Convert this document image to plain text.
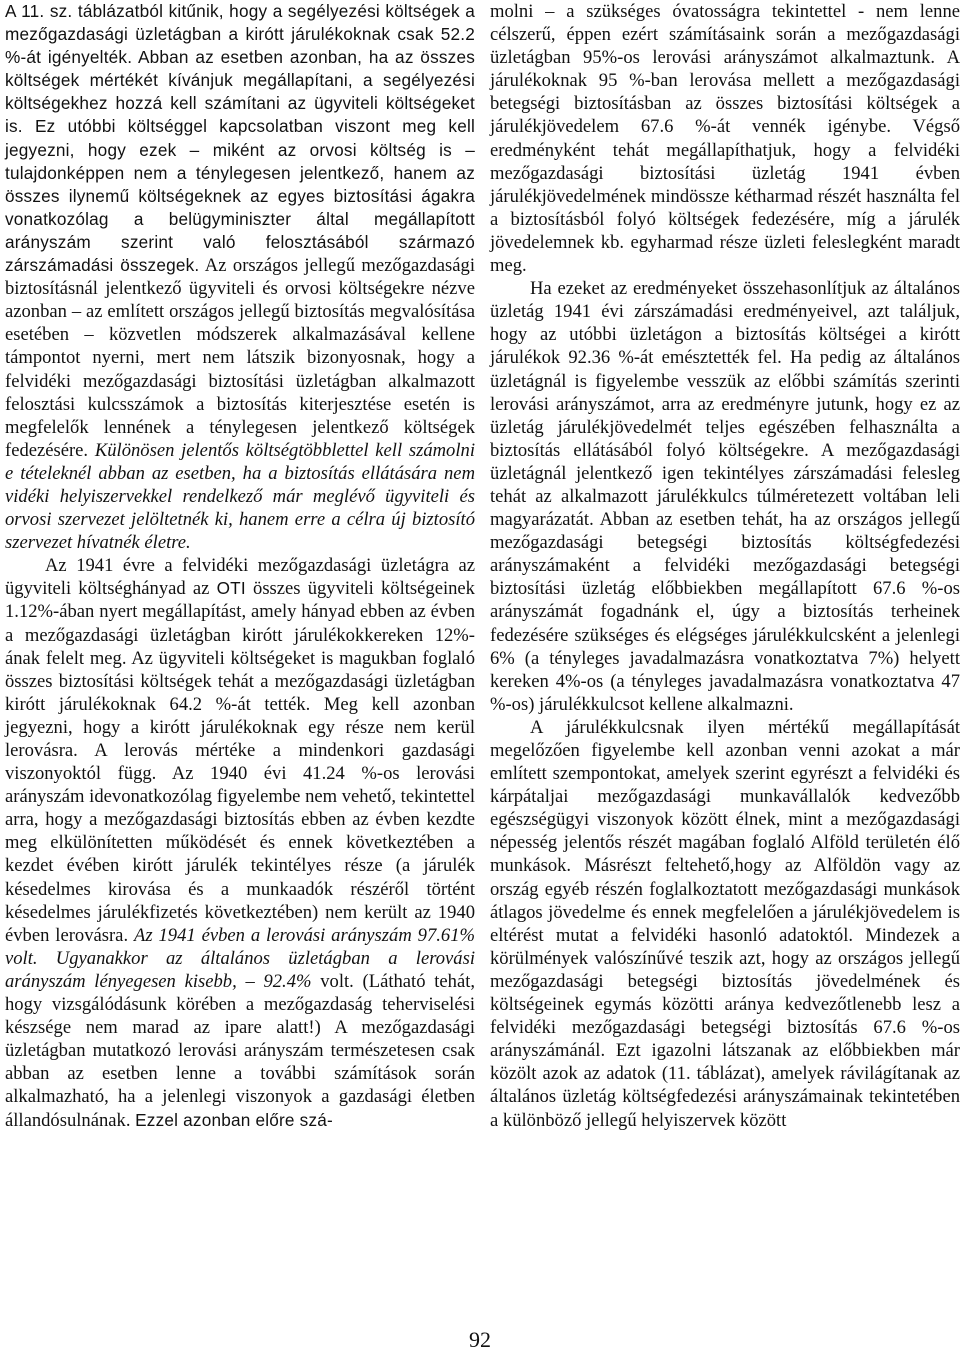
A 11. sz. táblázatból kitűnik, hogy a segélyezési költségek a mezőgazdasági üzletágban a kirótt járulékoknak csak 52.2 %-át igényelték. Abban az esetben azonban, ha az összes költségek mértékét kívánjuk megállapítani, a segélyezési költségekhez hozzá kell számítani az ügyviteli költségeket is. Ez utóbbi költséggel kapcsolatban viszont meg kell jegyezni, hogy ezek – miként az orvosi költség is – tulajdonképpen nem a ténylegesen jelentkező, hanem az összes ilynemű költségeknek az egyes biztosítási ágakra vonatkozólag a belügyminiszter által megállapított arányszám szerint való felosztásából származó zárszámadási összegek. Az országos jellegű mezőgazdasági biztosításnál jelentkező ügyviteli és orvosi költségekre nézve azonban – az említett országos jellegű biztosítás megvalósítása esetében – közvetlen módszerek alkalmazásával kellene támpontot nyerni, mert nem látszik bizonyosnak, hogy a felvidéki mezőgazdasági biztosítási üzletágban alkalmazott felosztási kulcsszámok a biztosítás kiterjesztése esetén is megfelelők lennének a ténylegesen jelentkező költségek fedezésére. Különösen jelentős költségtöbblettel kell számolni e tételeknél abban az esetben, ha a biztosítás ellátására nem vidéki helyiszervekkel rendelkező már meglévő ügyviteli és orvosi szervezet jelöltetnék ki, hanem erre a célra új biztosító szervezet hívatnék életre.

Az 1941 évre a felvidéki mezőgazdasági üzletágra az ügyviteli költséghányad az OTI összes ügyviteli költségeinek 1.12%-ában nyert megállapítást, amely hányad ebben az évben a mezőgazdasági üzletágban kirótt járulékokkereken 12%-ának felelt meg. Az ügyviteli költségeket is magukban foglaló összes biztosítási költségek tehát a mezőgazdasági üzletágban kirótt járulékoknak 64.2 %-át tették. Meg kell azonban jegyezni, hogy a kirótt járulékoknak egy része nem kerül lerovásra. A lerovás mértéke a mindenkori gazdasági viszonyoktól függ. Az 1940 évi 41.24 %-os lerovási arányszám idevonatkozólag figyelembe nem vehető, tekintettel arra, hogy a mezőgazdasági biztosítás ebben az évben kezdte meg elkülönítetten működését és ennek következtében a kezdet évében kirótt járulék tekintélyes része (a járulék késedelmes kirovása és a munkaadók részéről történt késedelmes járulékfizetés következtében) nem került az 1940 évben lerovásra. Az 1941 évben a lerovási arányszám 97.61% volt. Ugyanakkor az általános üzletágban a lerovási arányszám lényegesen kisebb, – 92.4% volt. (Látható tehát, hogy vizsgálódásunk körében a mezőgazdaság teherviselési készsége nem marad az ipare alatt!) A mezőgazdasági üzletágban mutatkozó lerovási arányszám természetesen csak abban az esetben lenne a további számítások során alkalmazható, ha a jelenlegi viszonyok a gazdasági életben állandósulnának. Ezzel azonban előre szá-

molni – a szükséges óvatosságra tekintettel - nem lenne célszerű, éppen ezért számításaink során a mezőgazdasági üzletágban 95%-os lerovási arányszámot alkalmaztunk. A járulékoknak 95 %-ban lerovása mellett a mezőgazdasági betegségi biztosításban az összes biztosítási költségek a járulékjövedelem 67.6 %-át vennék igénybe. Végső eredményként tehát megállapíthatjuk, hogy a felvidéki mezőgazdasági biztosítási üzletág 1941 évben járulékjövedelmének mindössze kétharmad részét használta fel a biztosításból folyó költségek fedezésére, míg a járulék jövedelemnek kb. egyharmad része üzleti feleslegként maradt meg.

Ha ezeket az eredményeket összehasonlítjuk az általános üzletág 1941 évi zárszámadási eredményeivel, azt találjuk, hogy az utóbbi üzletágon a biztosítás költségei a kirótt járulékok 92.36 %-át emésztették fel. Ha pedig az általános üzletágnál is figyelembe vesszük az előbbi számítás szerinti lerovási arányszámot, arra az eredményre jutunk, hogy ez az üzletág járulékjövedelmét teljes egészében felhasználta a biztosítás ellátásából folyó költségekre. A mezőgazdasági üzletágnál jelentkező igen tekintélyes zárszámadási felesleg tehát az alkalmazott járulékkulcs túlméretezett voltában leli magyarázatát. Abban az esetben tehát, ha az országos jellegű mezőgazdasági betegségi biztosítás költségfedezési arányszámaként a felvidéki mezőgazdasági betegségi biztosítási üzletág előbbiekben megállapított 67.6 %-os arányszámát fogadnánk el, úgy a biztosítás terheinek fedezésére szükséges és elégséges járulékkulcsként a jelenlegi 6% (a tényleges javadalmazásra vonatkoztatva 7%) helyett kereken 4%-os (a tényleges javadalmazásra vonatkoztatva 47 %-os) járulékkulcsot kellene alkalmazni.

A járulékkulcsnak ilyen mértékű megállapítását megelőzően figyelembe kell azonban venni azokat a már említett szempontokat, amelyek szerint egyrészt a felvidéki és kárpátaljai mezőgazdasági munkavállalók kedvezőbb egészségügyi viszonyok között élnek, mint a mezőgazdasági népesség jelentős részét magában foglaló Alföld területén élő munkások. Másrészt feltehető,hogy az Alföldön vagy az ország egyéb részén foglalkoztatott mezőgazdasági munkások átlagos jövedelme és ennek megfelelően a járulékjövedelem is eltérést mutat a felvidéki hasonló adatoktól. Mindezek a körülmények valószínűvé teszik azt, hogy az országos jellegű mezőgazdasági betegségi biztosítás jövedelmének és költségeinek egymás közötti aránya kedvezőtlenebb lesz a felvidéki mezőgazdasági betegségi biztosítás 67.6 %-os arányszámánál. Ezt igazolni látszanak az előbbiekben már közölt azok az adatok (11. táblázat), amelyek rávilágítanak az általános üzletág költségfedezési arányszámainak tekintetében a különböző jellegű helyiszervek között

92
